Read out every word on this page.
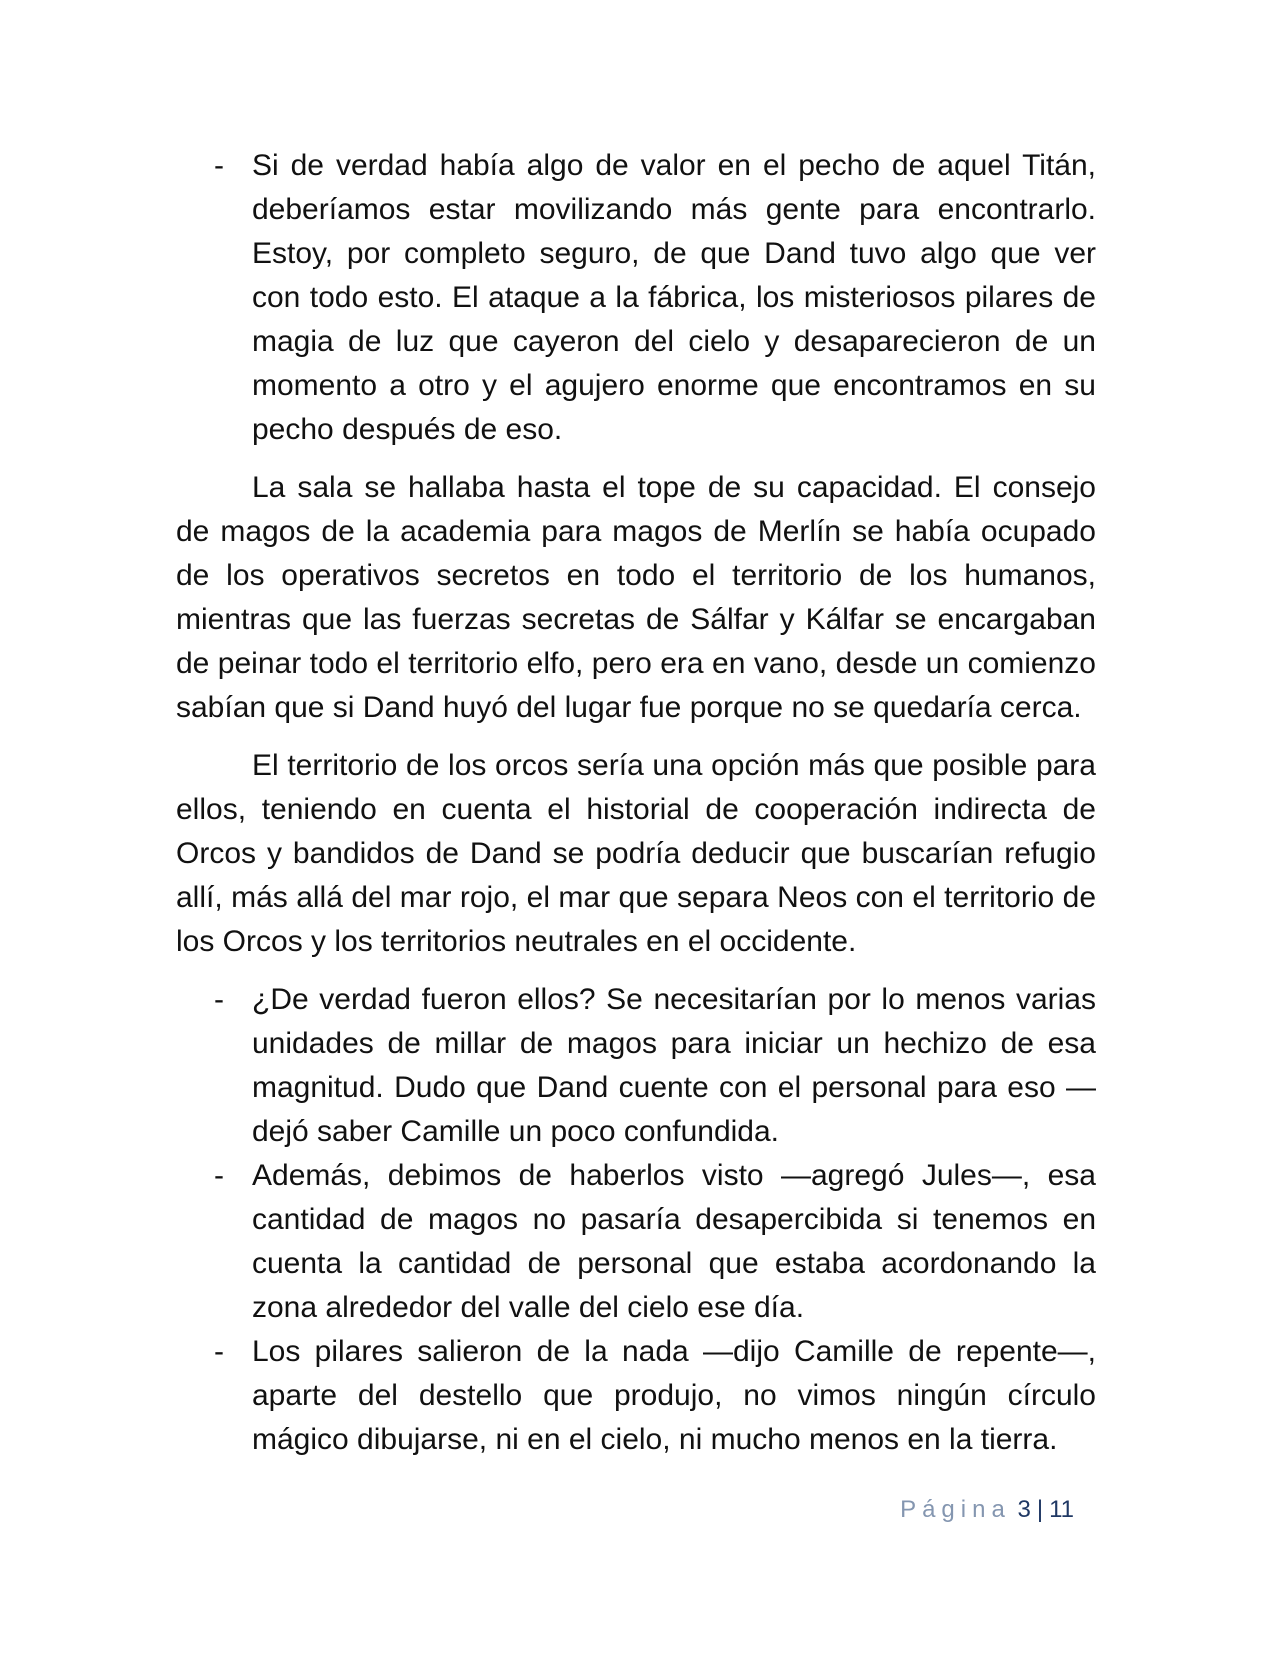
- Si de verdad había algo de valor en el pecho de aquel Titán, deberíamos estar movilizando más gente para encontrarlo. Estoy, por completo seguro, de que Dand tuvo algo que ver con todo esto. El ataque a la fábrica, los misteriosos pilares de magia de luz que cayeron del cielo y desaparecieron de un momento a otro y el agujero enorme que encontramos en su pecho después de eso.

La sala se hallaba hasta el tope de su capacidad. El consejo de magos de la academia para magos de Merlín se había ocupado de los operativos secretos en todo el territorio de los humanos, mientras que las fuerzas secretas de Sálfar y Kálfar se encargaban de peinar todo el territorio elfo, pero era en vano, desde un comienzo sabían que si Dand huyó del lugar fue porque no se quedaría cerca.

El territorio de los orcos sería una opción más que posible para ellos, teniendo en cuenta el historial de cooperación indirecta de Orcos y bandidos de Dand se podría deducir que buscarían refugio allí, más allá del mar rojo, el mar que separa Neos con el territorio de los Orcos y los territorios neutrales en el occidente.

- ¿De verdad fueron ellos? Se necesitarían por lo menos varias unidades de millar de magos para iniciar un hechizo de esa magnitud. Dudo que Dand cuente con el personal para eso —dejó saber Camille un poco confundida.
- Además, debimos de haberlos visto —agregó Jules—, esa cantidad de magos no pasaría desapercibida si tenemos en cuenta la cantidad de personal que estaba acordonando la zona alrededor del valle del cielo ese día.
- Los pilares salieron de la nada —dijo Camille de repente—, aparte del destello que produjo, no vimos ningún círculo mágico dibujarse, ni en el cielo, ni mucho menos en la tierra.
Página 3 | 11
